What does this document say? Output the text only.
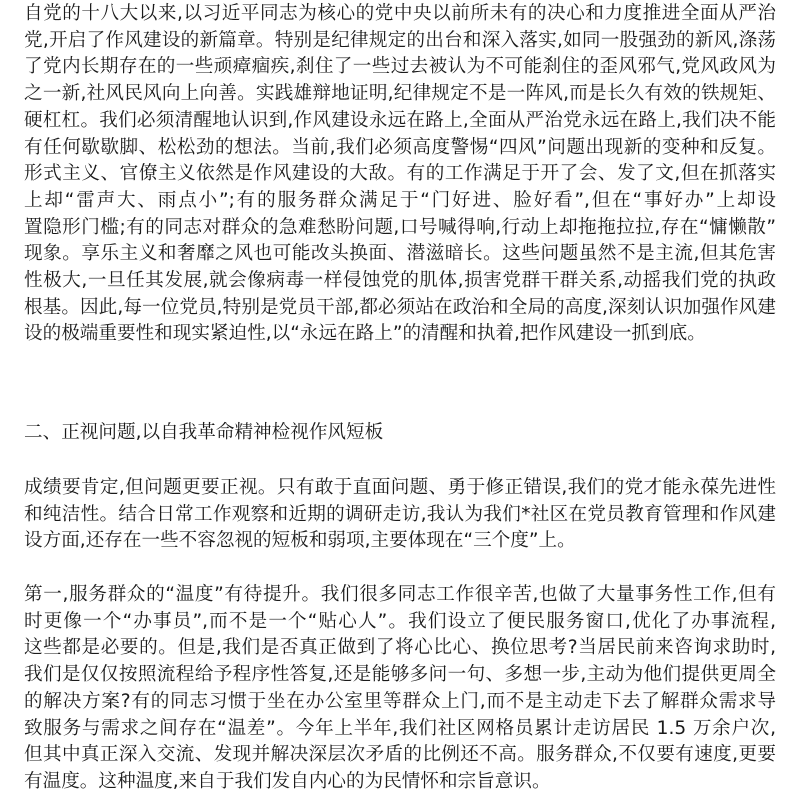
自党的十八大以来,以习近平同志为核心的党中央以前所未有的决心和力度推进全面从严治
党,开启了作风建设的新篇章。特别是纪律规定的出台和深入落实,如同一股强劲的新风,涤荡
了党内长期存在的一些顽瘴痼疾,刹住了一些过去被认为不可能刹住的歪风邪气,党风政风为
之一新,社风民风向上向善。实践雄辩地证明,纪律规定不是一阵风,而是长久有效的铁规矩、
硬杠杠。我们必须清醒地认识到,作风建设永远在路上,全面从严治党永远在路上,我们决不能
有任何歇歇脚、松松劲的想法。当前,我们必须高度警惕“四风”问题出现新的变种和反复。
形式主义、官僚主义依然是作风建设的大敌。有的工作满足于开了会、发了文,但在抓落实
上却“雷声大、雨点小”;有的服务群众满足于“门好进、脸好看”,但在“事好办”上却设
置隐形门槛;有的同志对群众的急难愁盼问题,口号喊得响,行动上却拖拖拉拉,存在“慵懒散”
现象。享乐主义和奢靡之风也可能改头换面、潜滋暗长。这些问题虽然不是主流,但其危害
性极大,一旦任其发展,就会像病毒一样侵蚀党的肌体,损害党群干群关系,动摇我们党的执政
根基。因此,每一位党员,特别是党员干部,都必须站在政治和全局的高度,深刻认识加强作风建
设的极端重要性和现实紧迫性,以“永远在路上”的清醒和执着,把作风建设一抓到底。
二、正视问题,以自我革命精神检视作风短板
成绩要肯定,但问题更要正视。只有敢于直面问题、勇于修正错误,我们的党才能永葆先进性
和纯洁性。结合日常工作观察和近期的调研走访,我认为我们*社区在党员教育管理和作风建
设方面,还存在一些不容忽视的短板和弱项,主要体现在“三个度”上。
第一,服务群众的“温度”有待提升。我们很多同志工作很辛苦,也做了大量事务性工作,但有
时更像一个“办事员”,而不是一个“贴心人”。我们设立了便民服务窗口,优化了办事流程,
这些都是必要的。但是,我们是否真正做到了将心比心、换位思考?当居民前来咨询求助时,
我们是仅仅按照流程给予程序性答复,还是能够多问一句、多想一步,主动为他们提供更周全
的解决方案?有的同志习惯于坐在办公室里等群众上门,而不是主动走下去了解群众需求导
致服务与需求之间存在“温差”。今年上半年,我们社区网格员累计走访居民 1.5 万余户次,
但其中真正深入交流、发现并解决深层次矛盾的比例还不高。服务群众,不仅要有速度,更要
有温度。这种温度,来自于我们发自内心的为民情怀和宗旨意识。
